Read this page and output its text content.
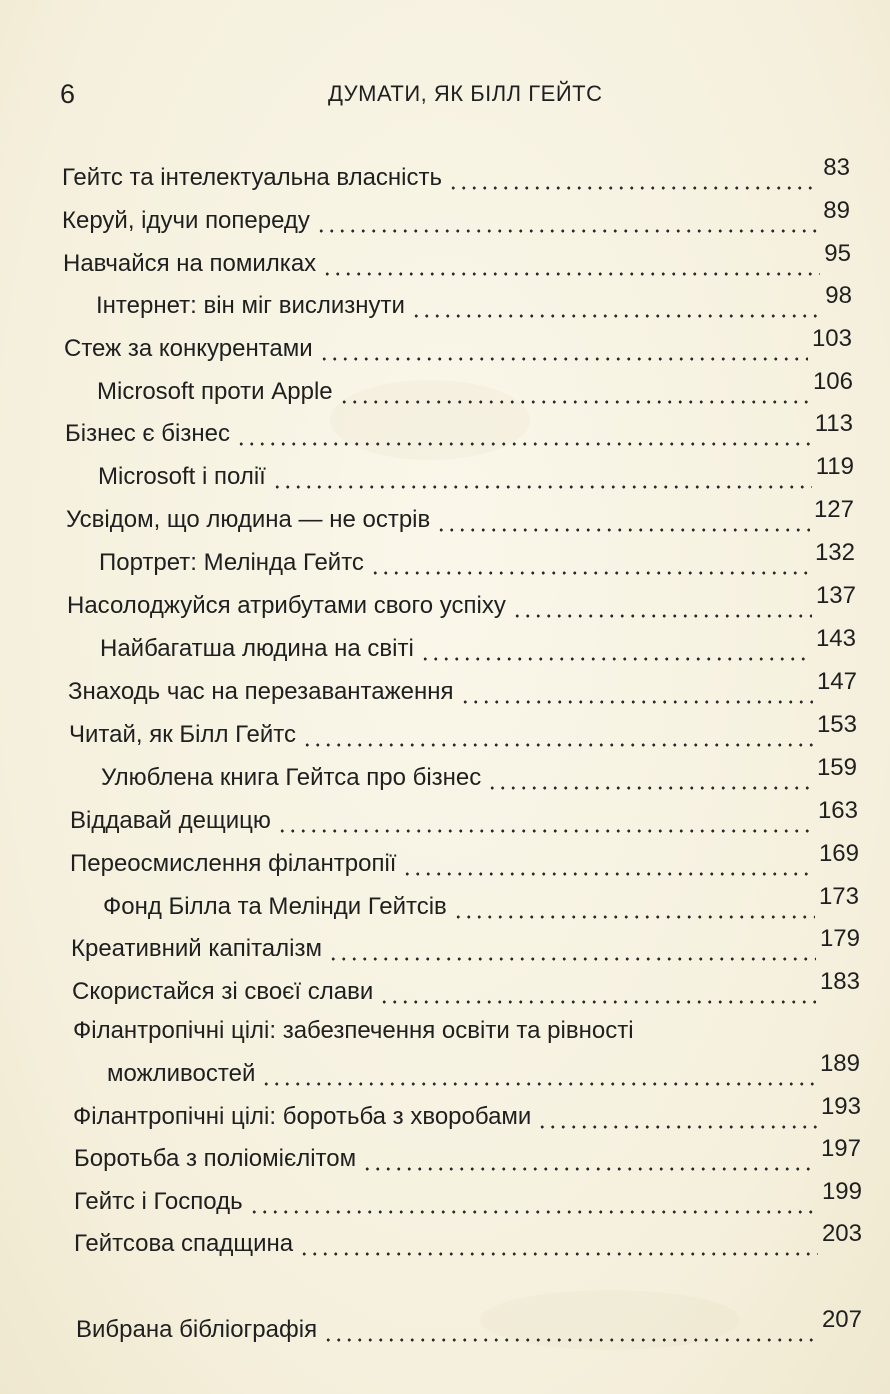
6	ДУМАТИ, ЯК БІЛЛ ГЕЙТС
Гейтс та інтелектуальна власність	83
Керуй, ідучи попереду	89
Навчайся на помилках	95
Інтернет: він міг вислизнути	98
Стеж за конкурентами	103
Microsoft проти Apple	106
Бізнес є бізнес	113
Microsoft і полії	119
Усвідом, що людина — не острів	127
Портрет: Мелінда Гейтс	132
Насолоджуйся атрибутами свого успіху	137
Найбагатша людина на світі	143
Знаходь час на перезавантаження	147
Читай, як Білл Гейтс	153
Улюблена книга Гейтса про бізнес	159
Віддавай дещицю	163
Переосмислення філантропії	169
Фонд Білла та Мелінди Гейтсів	173
Креативний капіталізм	179
Скористайся зі своєї слави	183
Філантропічні цілі: забезпечення освіти та рівності
можливостей	189
Філантропічні цілі: боротьба з хворобами	193
Боротьба з поліомієлітом	197
Гейтс і Господь	199
Гейтсова спадщина	203
Вибрана бібліографія	207
